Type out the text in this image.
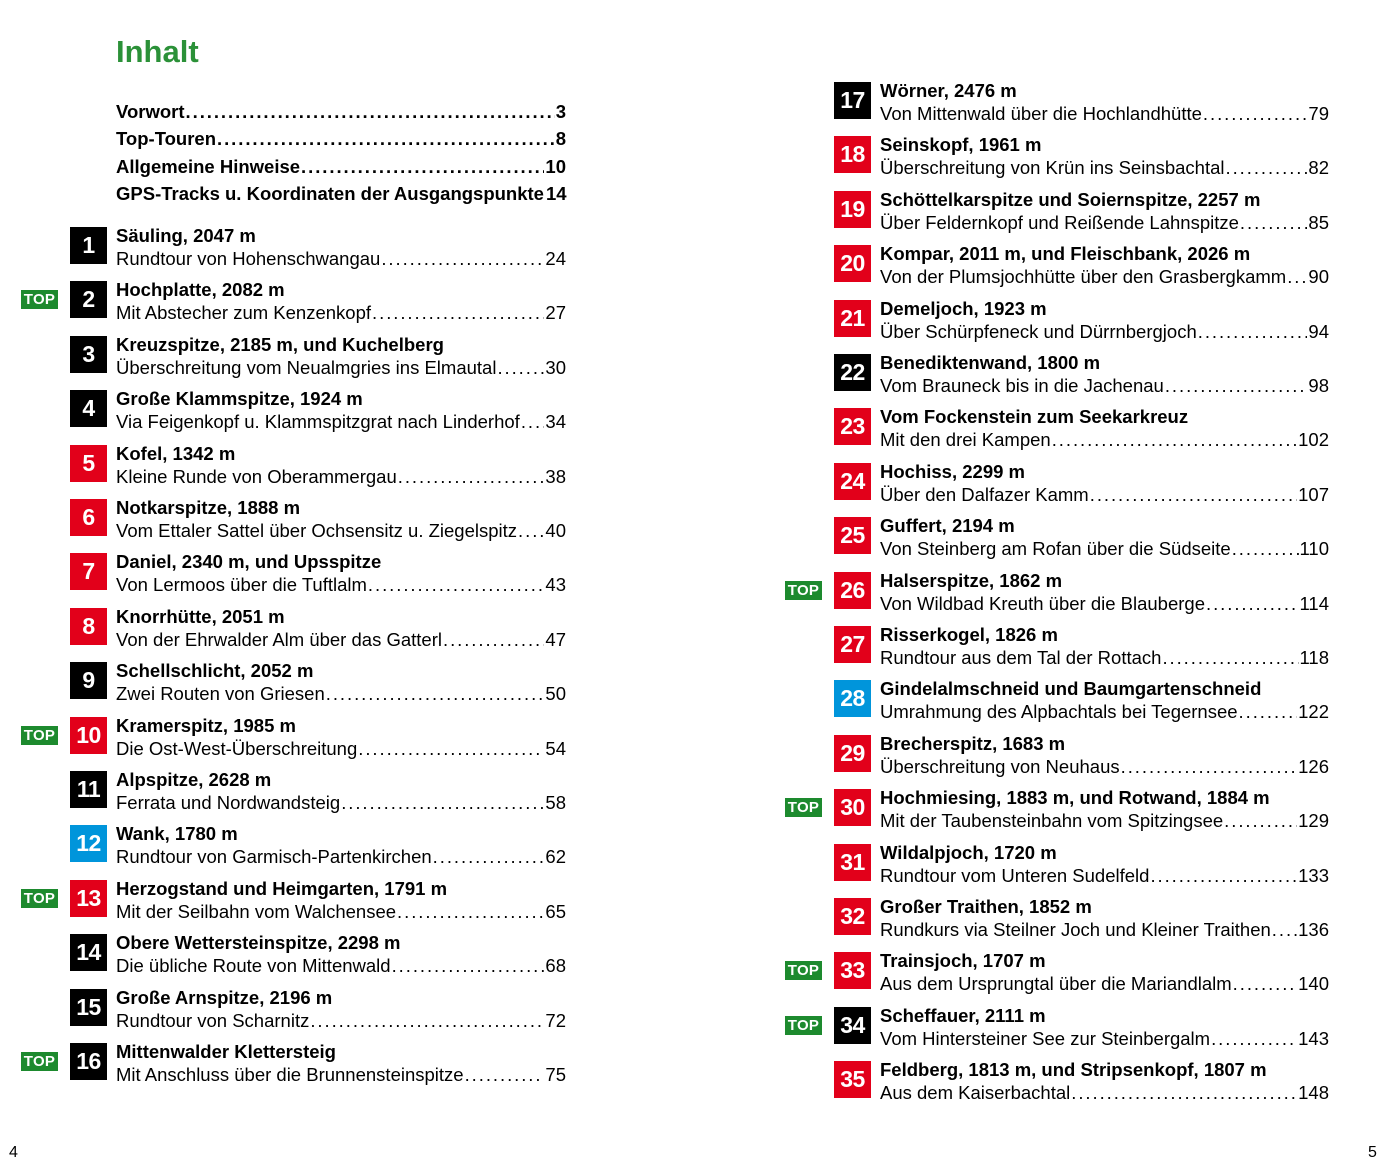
Inhalt
Vorwort . . .	3
Top-Touren . . .	8
Allgemeine Hinweise . . .	10
GPS-Tracks u. Koordinaten der Ausgangspunkte 14
1	Säuling, 2047 m
Rundtour von Hohenschwangau . . .	24
TOP	2	Hochplatte, 2082 m
Mit Abstecher zum Kenzenkopf . . .	27
3	Kreuzspitze, 2185 m, und Kuchelberg
Überschreitung vom Neualmgries ins Elmautal . . .	30
4	Große Klammspitze, 1924 m
Via Feigenkopf u. Klammspitzgrat nach Linderhof . . . 34
5	Kofel, 1342 m
Kleine Runde von Oberammergau . . .	38
6	Notkarspitze, 1888 m
Vom Ettaler Sattel über Ochsensitz u. Ziegelspitz . . . 40
7	Daniel, 2340 m, und Upsspitze
Von Lermoos über die Tuftlalm . . .	43
8	Knorrhütte, 2051 m
Von der Ehrwalder Alm über das Gatterl . . .	47
9	Schellschlicht, 2052 m
Zwei Routen von Griesen . . .	50
TOP 10 Kramerspitz, 1985 m
Die Ost-West-Überschreitung . . .	54
11 Alpspitze, 2628 m
Ferrata und Nordwandsteig . . .	58
12 Wank, 1780 m
Rundtour von Garmisch-Partenkirchen . . .	62
TOP 13 Herzogstand und Heimgarten, 1791 m
Mit der Seilbahn vom Walchensee . . .	65
14 Obere Wettersteinspitze, 2298 m
Die übliche Route von Mittenwald . . .	68
15 Große Arnspitze, 2196 m
Rundtour von Scharnitz . . .	72
TOP 16 Mittenwalder Klettersteig
Mit Anschluss über die Brunnensteinspitze . . .	75
17 Wörner, 2476 m
Von Mittenwald über die Hochlandhütte . . .	79
18 Seinskopf, 1961 m
Überschreitung von Krün ins Seinsbachtal . . .	82
19 Schöttelkarspitze und Soiernspitze, 2257 m
Über Feldernkopf und Reißende Lahnspitze . . .	85
20 Kompar, 2011 m, und Fleischbank, 2026 m
Von der Plumsjochhütte über den Grasbergkamm . . . 90
21 Demeljoch, 1923 m
Über Schürpfeneck und Dürrnbergjoch . . .	94
22 Benediktenwand, 1800 m
Vom Brauneck bis in die Jachenau . . .	98
23 Vom Fockenstein zum Seekarkreuz
Mit den drei Kampen . . .	102
24 Hochiss, 2299 m
Über den Dalfazer Kamm . . .	107
25 Guffert, 2194 m
Von Steinberg am Rofan über die Südseite . . .	110
TOP 26 Halserspitze, 1862 m
Von Wildbad Kreuth über die Blauberge . . .	114
27 Risserkogel, 1826 m
Rundtour aus dem Tal der Rottach . . .	118
28 Gindelalmschneid und Baumgartenschneid
Umrahmung des Alpbachtals bei Tegernsee . . .	122
29 Brecherspitz, 1683 m
Überschreitung von Neuhaus . . .	126
TOP 30 Hochmiesing, 1883 m, und Rotwand, 1884 m
Mit der Taubensteinbahn vom Spitzingsee . . .	129
31 Wildalpjoch, 1720 m
Rundtour vom Unteren Sudelfeld . . .	133
32 Großer Traithen, 1852 m
Rundkurs via Steilner Joch und Kleiner Traithen . . . 136
TOP 33 Trainsjoch, 1707 m
Aus dem Ursprungtal über die Mariandlalm . . .	140
TOP 34 Scheffauer, 2111 m
Vom Hintersteiner See zur Steinbergalm . . .	143
35 Feldberg, 1813 m, und Stripsenkopf, 1807 m
Aus dem Kaiserbachtal . . .	148
4	5
